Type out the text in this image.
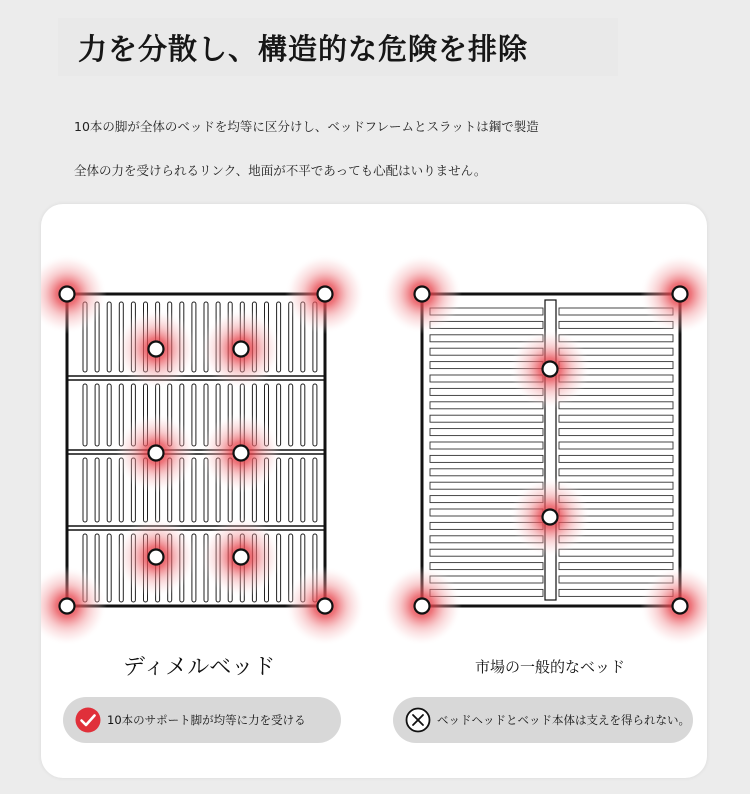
力を分散し、構造的な危険を排除
10本の脚が全体のベッドを均等に区分けし、ベッドフレームとスラットは鋼で製造
全体の力を受けられるリンク、地面が不平であっても心配はいりません。
ディメルベッド	市場の一般的なベッド
10本のサポート脚が均等に力を受ける	ベッドヘッドとベッド本体は支えを得られない。
